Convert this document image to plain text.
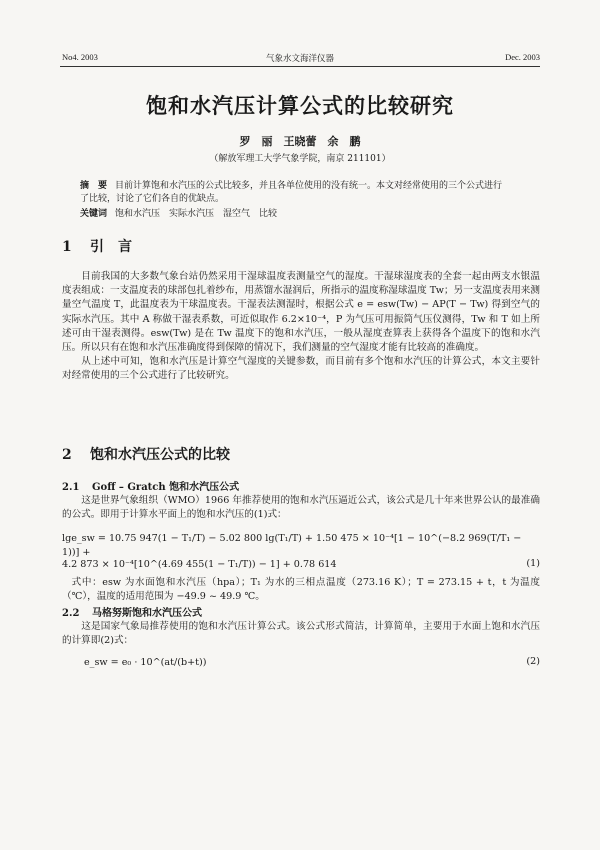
No4. 2003	气象水文海洋仪器	Dec. 2003
饱和水汽压计算公式的比较研究
罗　丽　王晓蕾　余　鹏
（解放军理工大学气象学院，南京 211101）
摘　要 目前计算饱和水汽压的公式比较多，并且各单位使用的没有统一。本文对经常使用的三个公式进行了比较，讨论了它们各自的优缺点。
关键词 饱和水汽压　实际水汽压　湿空气　比较
1 引　言

目前我国的大多数气象台站仍然采用干湿球温度表测量空气的湿度。干湿球湿度表的全套一起由两支水银温度表组成：一支温度表的球部包扎着纱布，用蒸馏水湿润后，所指示的温度称湿球温度 Tw；另一支温度表用来测量空气温度 T，此温度表为干球温度表。干湿表法测湿时，根据公式 e = esw(Tw) − AP(T − Tw) 得到空气的实际水汽压。其中 A 称做干湿表系数，可近似取作 6.2×10⁻⁴，P 为气压可用振筒气压仪测得，Tw 和 T 如上所述可由干湿表测得。esw(Tw) 是在 Tw 温度下的饱和水汽压，一般从湿度查算表上获得各个温度下的饱和水汽压。所以只有在饱和水汽压准确度得到保障的情况下，我们测量的空气湿度才能有比较高的准确度。

从上述中可知，饱和水汽压是计算空气湿度的关键参数，而目前有多个饱和水汽压的计算公式，本文主要针对经常使用的三个公式进行了比较研究。

2 饱和水汽压公式的比较
2.1 Goff – Gratch 饱和水汽压公式

这是世界气象组织（WMO）1966 年推荐使用的饱和水汽压逼近公式，该公式是几十年来世界公认的最准确的公式。即用于计算水平面上的饱和水汽压的(1)式：

lge_sw = 10.75 947(1 − T₁/T) − 5.02 800 lg(T₁/T) + 1.50 475 × 10⁻⁴[1 − 10^(−8.2 969(T/T₁ − 1))] +
4.2 873 × 10⁻⁴[10^(4.69 455(1 − T₁/T)) − 1] + 0.78 614	(1)

式中：esw 为水面饱和水汽压（hpa）；T₁ 为水的三相点温度（273.16 K）；T = 273.15 + t，t 为温度（℃），温度的适用范围为 −49.9 ~ 49.9 ℃。

2.2 马格努斯饱和水汽压公式

这是国家气象局推荐使用的饱和水汽压计算公式。该公式形式简洁，计算简单，主要用于水面上饱和水汽压的计算即(2)式：

e_sw = e₀ · 10^(at/(b+t))	(2)
